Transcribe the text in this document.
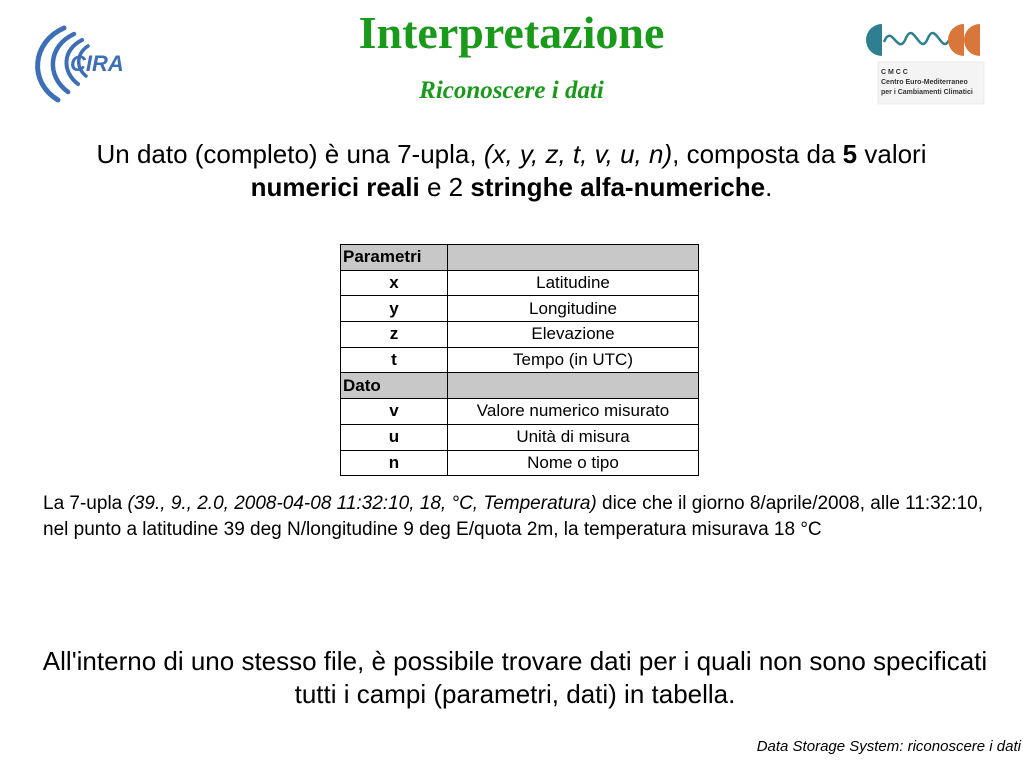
CIRA	C M C C Centro Euro-Mediterraneo per i Cambiamenti Climatici
Interpretazione
Riconoscere i dati
Un dato (completo) è una 7-upla, (x, y, z, t, v, u, n), composta da 5 valori numerici reali e 2 stringhe alfa-numeriche.
Parametri	
x	Latitudine
y	Longitudine
z	Elevazione
t	Tempo (in UTC)
Dato	
v	Valore numerico misurato
u	Unità di misura
n	Nome o tipo
La 7-upla (39., 9., 2.0, 2008-04-08 11:32:10, 18, °C, Temperatura) dice che il giorno 8/aprile/2008, alle 11:32:10, nel punto a latitudine 39 deg N/longitudine 9 deg E/quota 2m, la temperatura misurava 18 °C
All'interno di uno stesso file, è possibile trovare dati per i quali non sono specificati tutti i campi (parametri, dati) in tabella.
Data Storage System: riconoscere i dati
